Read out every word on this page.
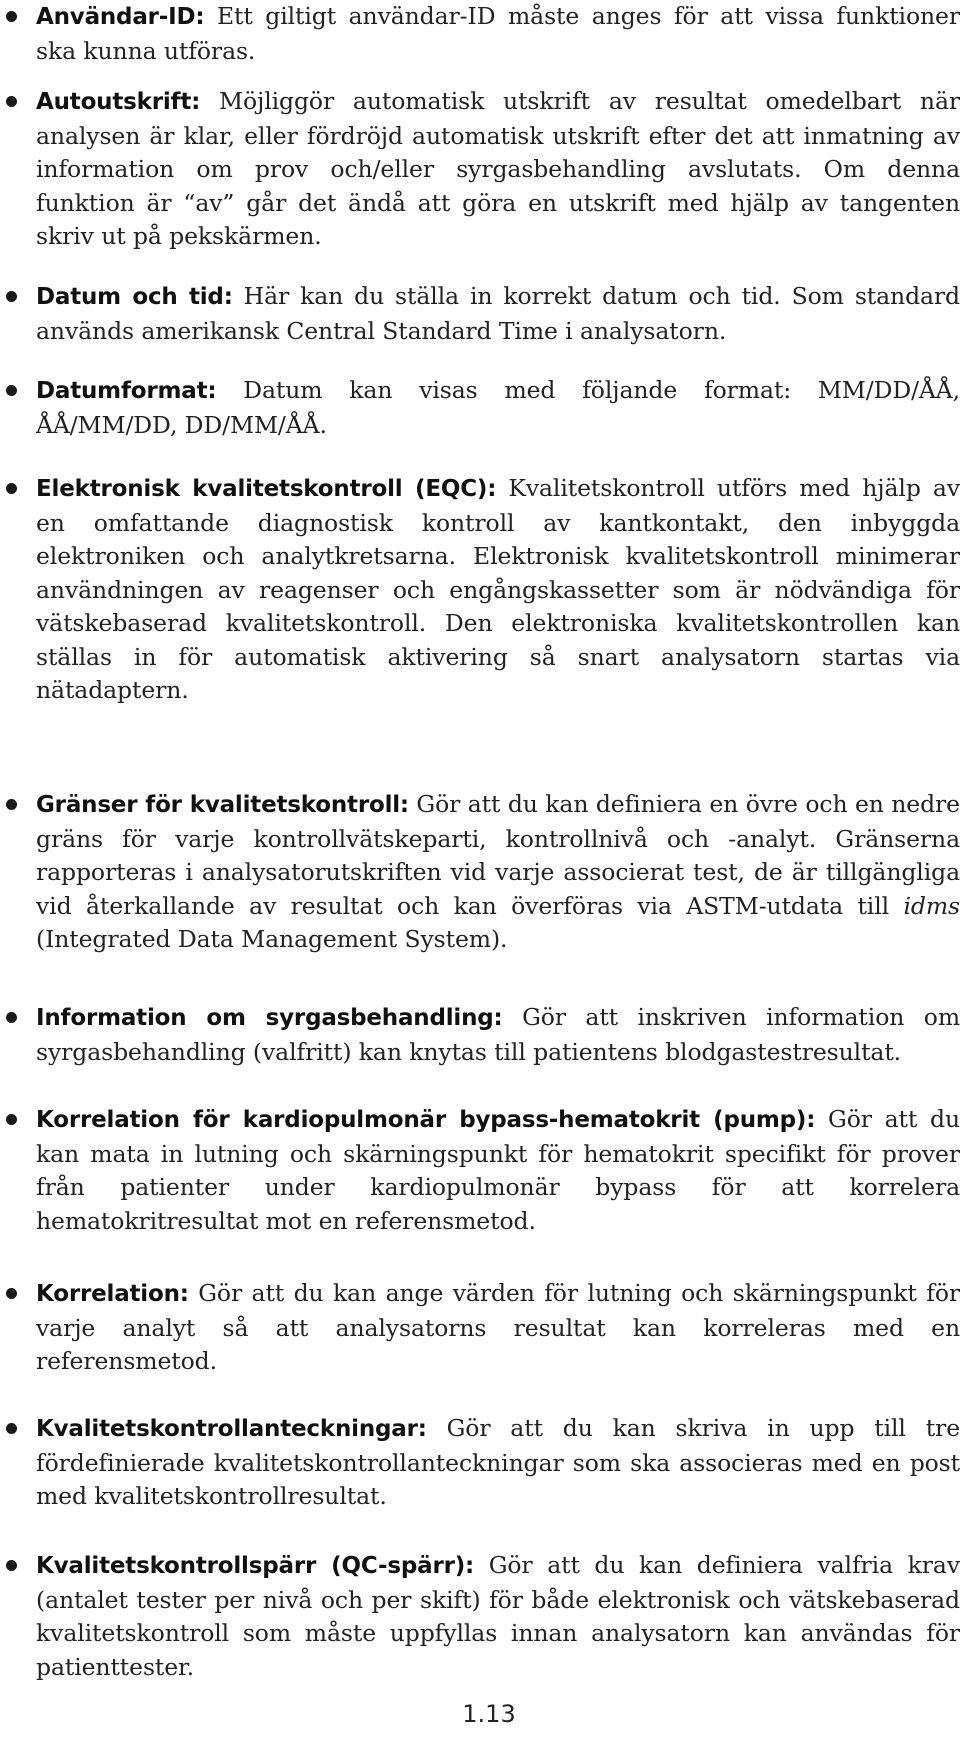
Användar-ID: Ett giltigt användar-ID måste anges för att vissa funktioner ska kunna utföras.
Autoutskrift: Möjliggör automatisk utskrift av resultat omedelbart när analysen är klar, eller fördröjd automatisk utskrift efter det att inmatning av information om prov och/eller syrgasbehandling avslutats. Om denna funktion är “av” går det ändå att göra en utskrift med hjälp av tangenten skriv ut på pekskärmen.
Datum och tid: Här kan du ställa in korrekt datum och tid. Som standard används amerikansk Central Standard Time i analysatorn.
Datumformat: Datum kan visas med följande format: MM/DD/ÅÅ, ÅÅ/MM/DD, DD/MM/ÅÅ.
Elektronisk kvalitetskontroll (EQC): Kvalitetskontroll utförs med hjälp av en omfattande diagnostisk kontroll av kantkontakt, den inbyggda elektroniken och analytkretsarna. Elektronisk kvalitetskontroll minimerar användningen av reagenser och engångskassetter som är nödvändiga för vätskebaserad kvalitetskontroll. Den elektroniska kvalitetskontrollen kan ställas in för automatisk aktivering så snart analysatorn startas via nätadaptern.
Gränser för kvalitetskontroll: Gör att du kan definiera en övre och en nedre gräns för varje kontrollvätskeparti, kontrollnivå och -analyt. Gränserna rapporteras i analysatorutskriften vid varje associerat test, de är tillgängliga vid återkallande av resultat och kan överföras via ASTM-utdata till idms (Integrated Data Management System).
Information om syrgasbehandling: Gör att inskriven information om syrgasbehandling (valfritt) kan knytas till patientens blodgastestresultat.
Korrelation för kardiopulmonär bypass-hematokrit (pump): Gör att du kan mata in lutning och skärningspunkt för hematokrit specifikt för prover från patienter under kardiopulmonär bypass för att korrelera hematokritresultat mot en referensmetod.
Korrelation: Gör att du kan ange värden för lutning och skärningspunkt för varje analyt så att analysatorns resultat kan korreleras med en referensmetod.
Kvalitetskontrollanteckningar: Gör att du kan skriva in upp till tre fördefinierade kvalitetskontrollanteckningar som ska associeras med en post med kvalitetskontrollresultat.
Kvalitetskontrollspärr (QC-spärr): Gör att du kan definiera valfria krav (antalet tester per nivå och per skift) för både elektronisk och vätskebaserad kvalitetskontroll som måste uppfyllas innan analysatorn kan användas för patienttester.
1.13
